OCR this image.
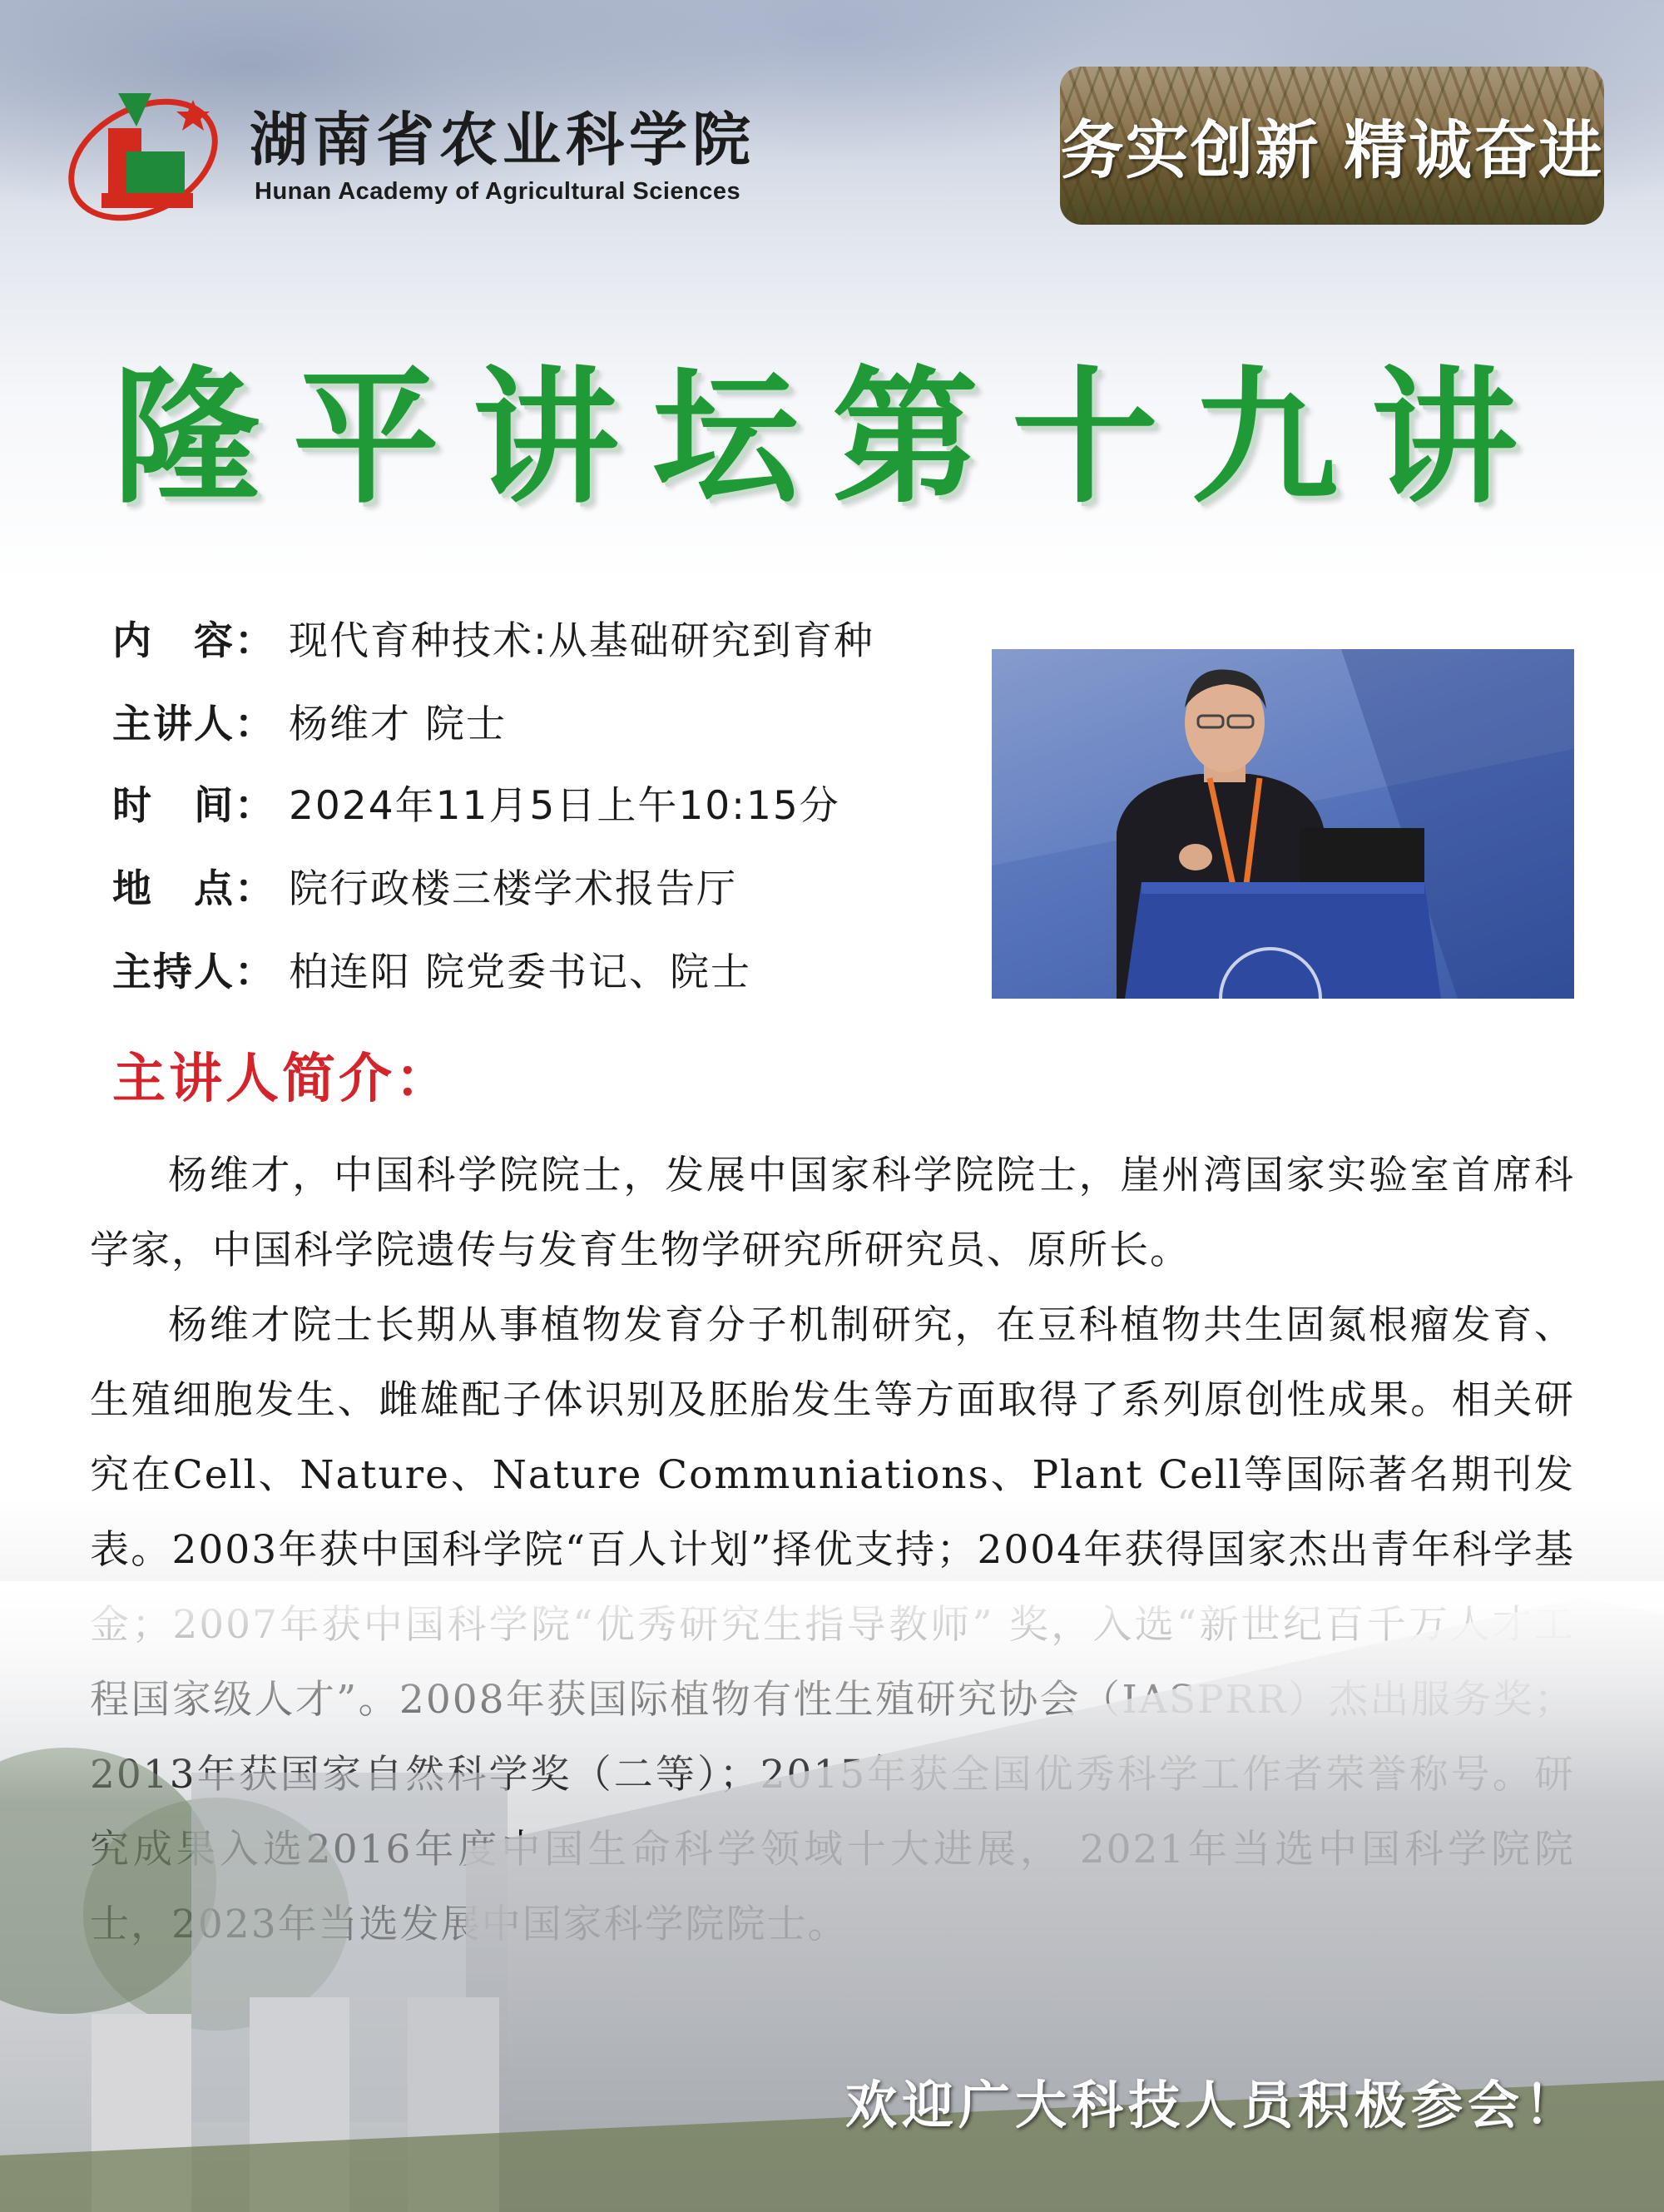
湖南省农业科学院
Hunan Academy of Agricultural Sciences
务实创新 精诚奋进
隆平讲坛第十九讲
内　容： 现代育种技术:从基础研究到育种
主讲人： 杨维才 院士
时　间： 2024年11月5日上午10:15分
地　点： 院行政楼三楼学术报告厅
主持人： 柏连阳 院党委书记、院士
主讲人简介：

杨维才，中国科学院院士，发展中国家科学院院士，崖州湾国家实验室首席科学家，中国科学院遗传与发育生物学研究所研究员、原所长。

杨维才院士长期从事植物发育分子机制研究，在豆科植物共生固氮根瘤发育、生殖细胞发生、雌雄配子体识别及胚胎发生等方面取得了系列原创性成果。相关研究在Cell、Nature、Nature Communiations、Plant Cell等国际著名期刊发表。2003年获中国科学院“百人计划”择优支持；2004年获得国家杰出青年科学基

欢迎广大科技人员积极参会！
